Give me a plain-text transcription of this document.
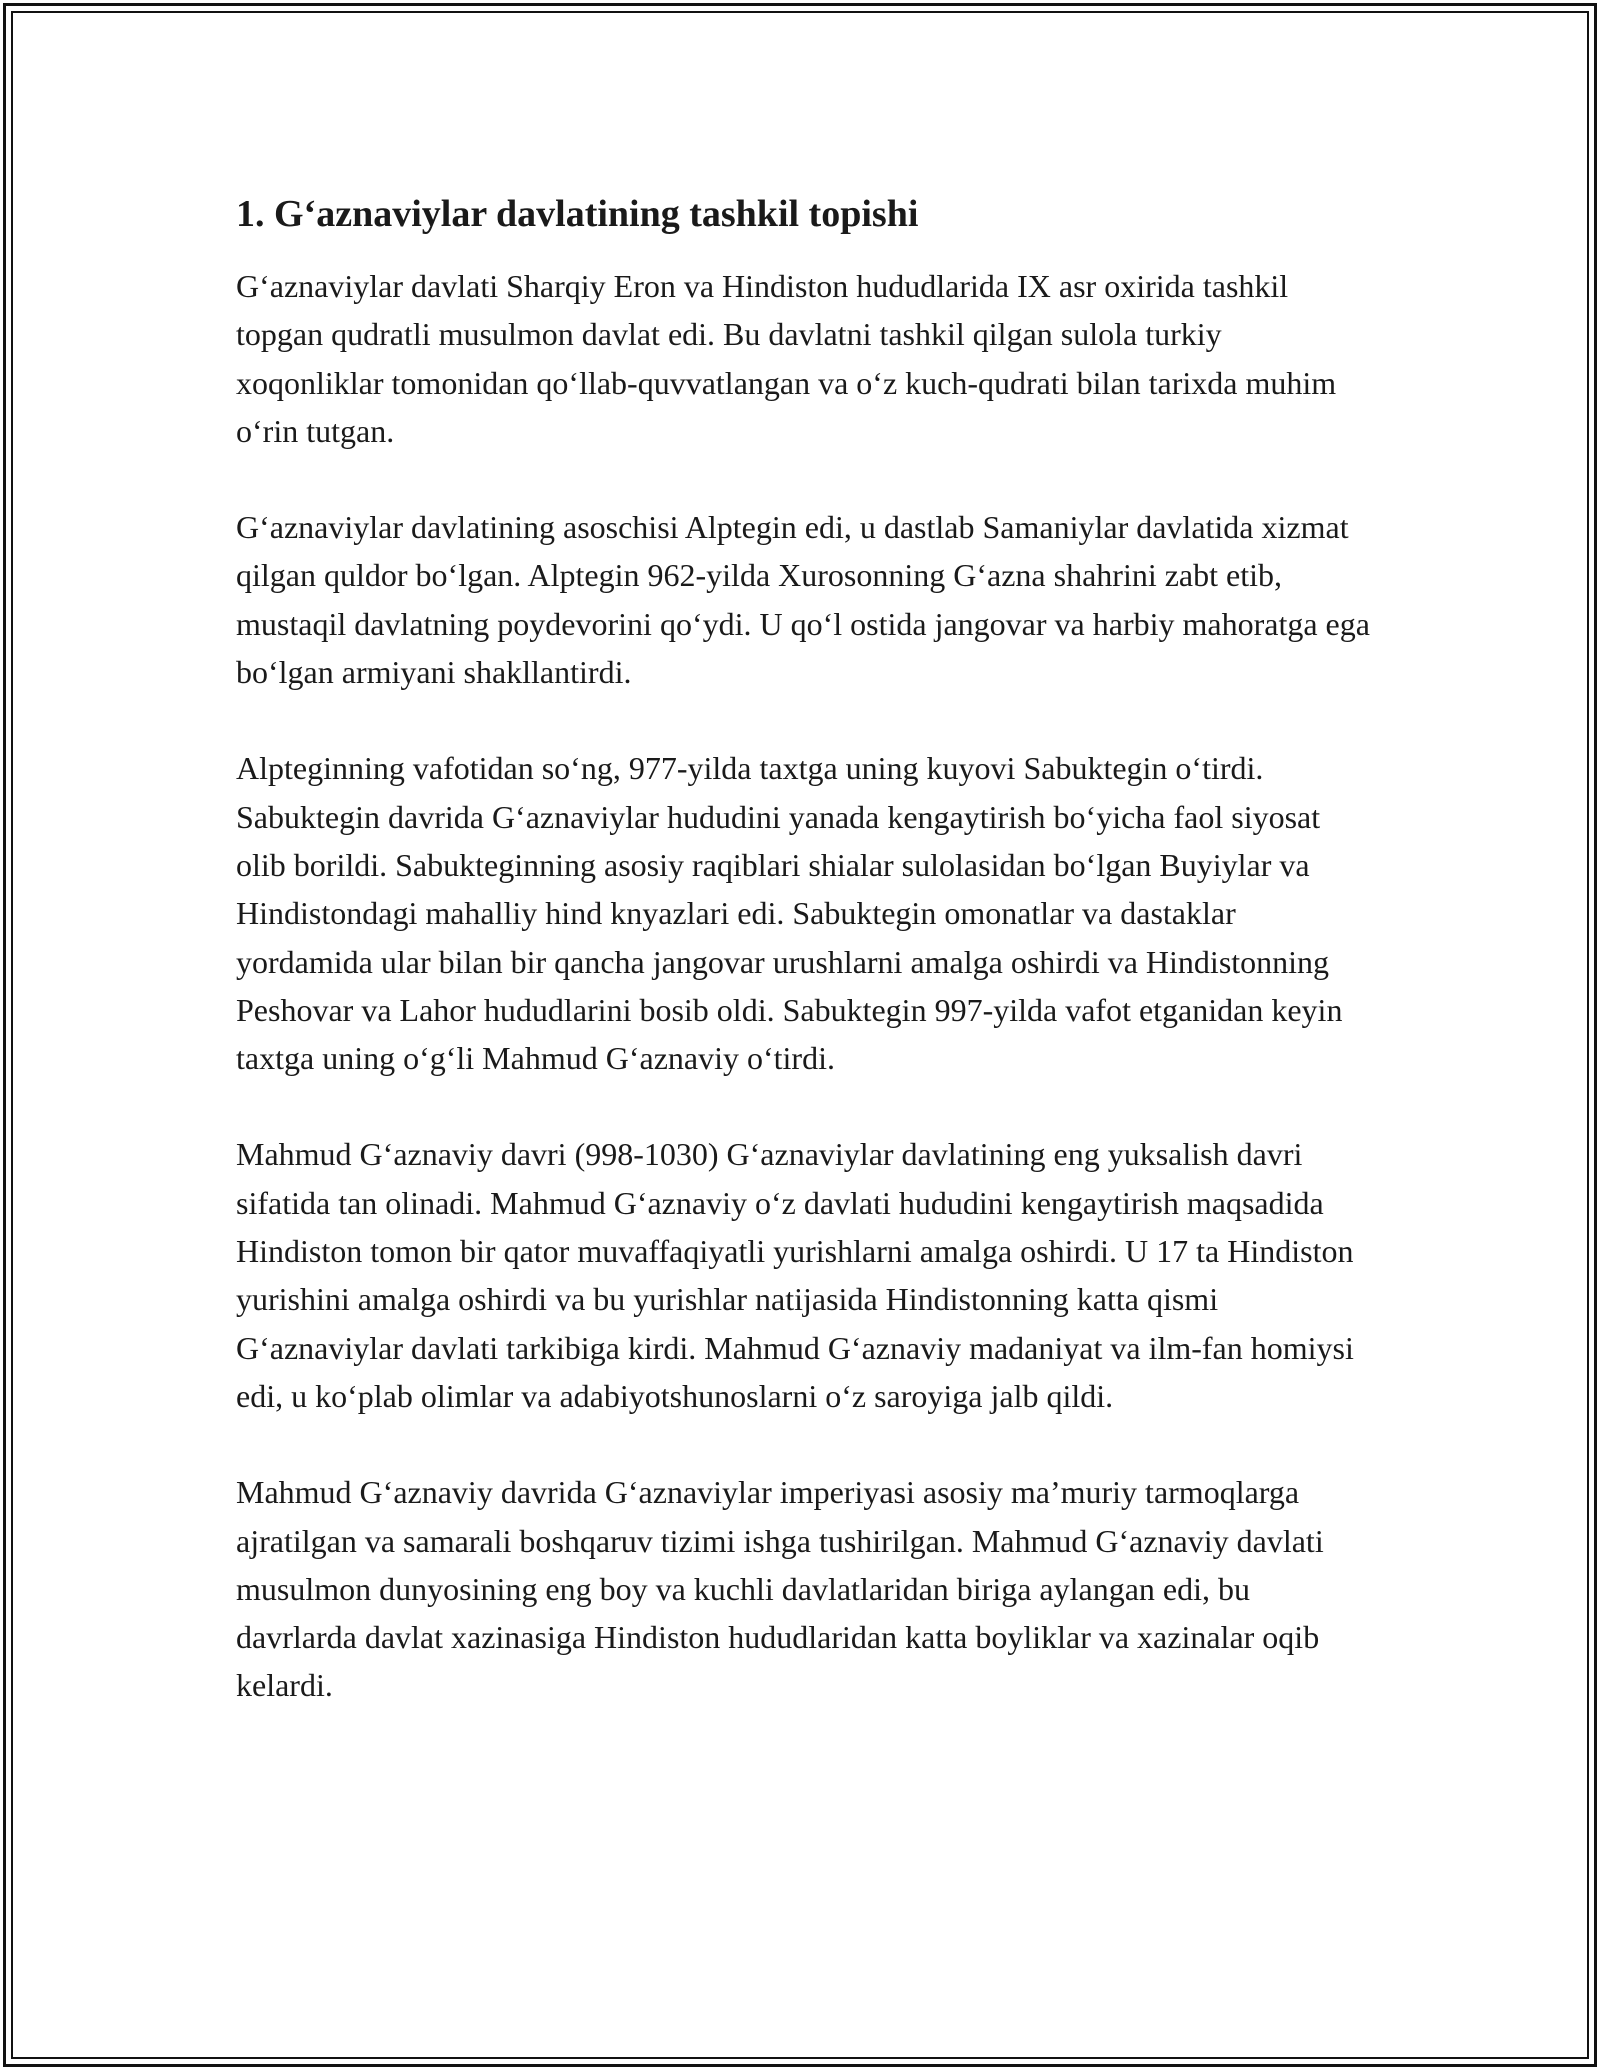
1. G‘aznaviylar davlatining tashkil topishi

G‘aznaviylar davlati Sharqiy Eron va Hindiston hududlarida IX asr oxirida tashkil topgan qudratli musulmon davlat edi. Bu davlatni tashkil qilgan sulola turkiy xoqonliklar tomonidan qo‘llab-quvvatlangan va o‘z kuch-qudrati bilan tarixda muhim o‘rin tutgan.

G‘aznaviylar davlatining asoschisi Alptegin edi, u dastlab Samaniylar davlatida xizmat qilgan quldor bo‘lgan. Alptegin 962-yilda Xurosonning G‘azna shahrini zabt etib, mustaqil davlatning poydevorini qo‘ydi. U qo‘l ostida jangovar va harbiy mahoratga ega bo‘lgan armiyani shakllantirdi.

Alpteginning vafotidan so‘ng, 977-yilda taxtga uning kuyovi Sabuktegin o‘tirdi. Sabuktegin davrida G‘aznaviylar hududini yanada kengaytirish bo‘yicha faol siyosat olib borildi. Sabukteginning asosiy raqiblari shialar sulolasidan bo‘lgan Buyiylar va Hindistondagi mahalliy hind knyazlari edi. Sabuktegin omonatlar va dastaklar yordamida ular bilan bir qancha jangovar urushlarni amalga oshirdi va Hindistonning Peshovar va Lahor hududlarini bosib oldi. Sabuktegin 997-yilda vafot etganidan keyin taxtga uning o‘g‘li Mahmud G‘aznaviy o‘tirdi.

Mahmud G‘aznaviy davri (998-1030) G‘aznaviylar davlatining eng yuksalish davri sifatida tan olinadi. Mahmud G‘aznaviy o‘z davlati hududini kengaytirish maqsadida Hindiston tomon bir qator muvaffaqiyatli yurishlarni amalga oshirdi. U 17 ta Hindiston yurishini amalga oshirdi va bu yurishlar natijasida Hindistonning katta qismi G‘aznaviylar davlati tarkibiga kirdi. Mahmud G‘aznaviy madaniyat va ilm-fan homiysi edi, u ko‘plab olimlar va adabiyotshunoslarni o‘z saroyiga jalb qildi.

Mahmud G‘aznaviy davrida G‘aznaviylar imperiyasi asosiy ma’muriy tarmoqlarga ajratilgan va samarali boshqaruv tizimi ishga tushirilgan. Mahmud G‘aznaviy davlati musulmon dunyosining eng boy va kuchli davlatlaridan biriga aylangan edi, bu davrlarda davlat xazinasiga Hindiston hududlaridan katta boyliklar va xazinalar oqib kelardi.
